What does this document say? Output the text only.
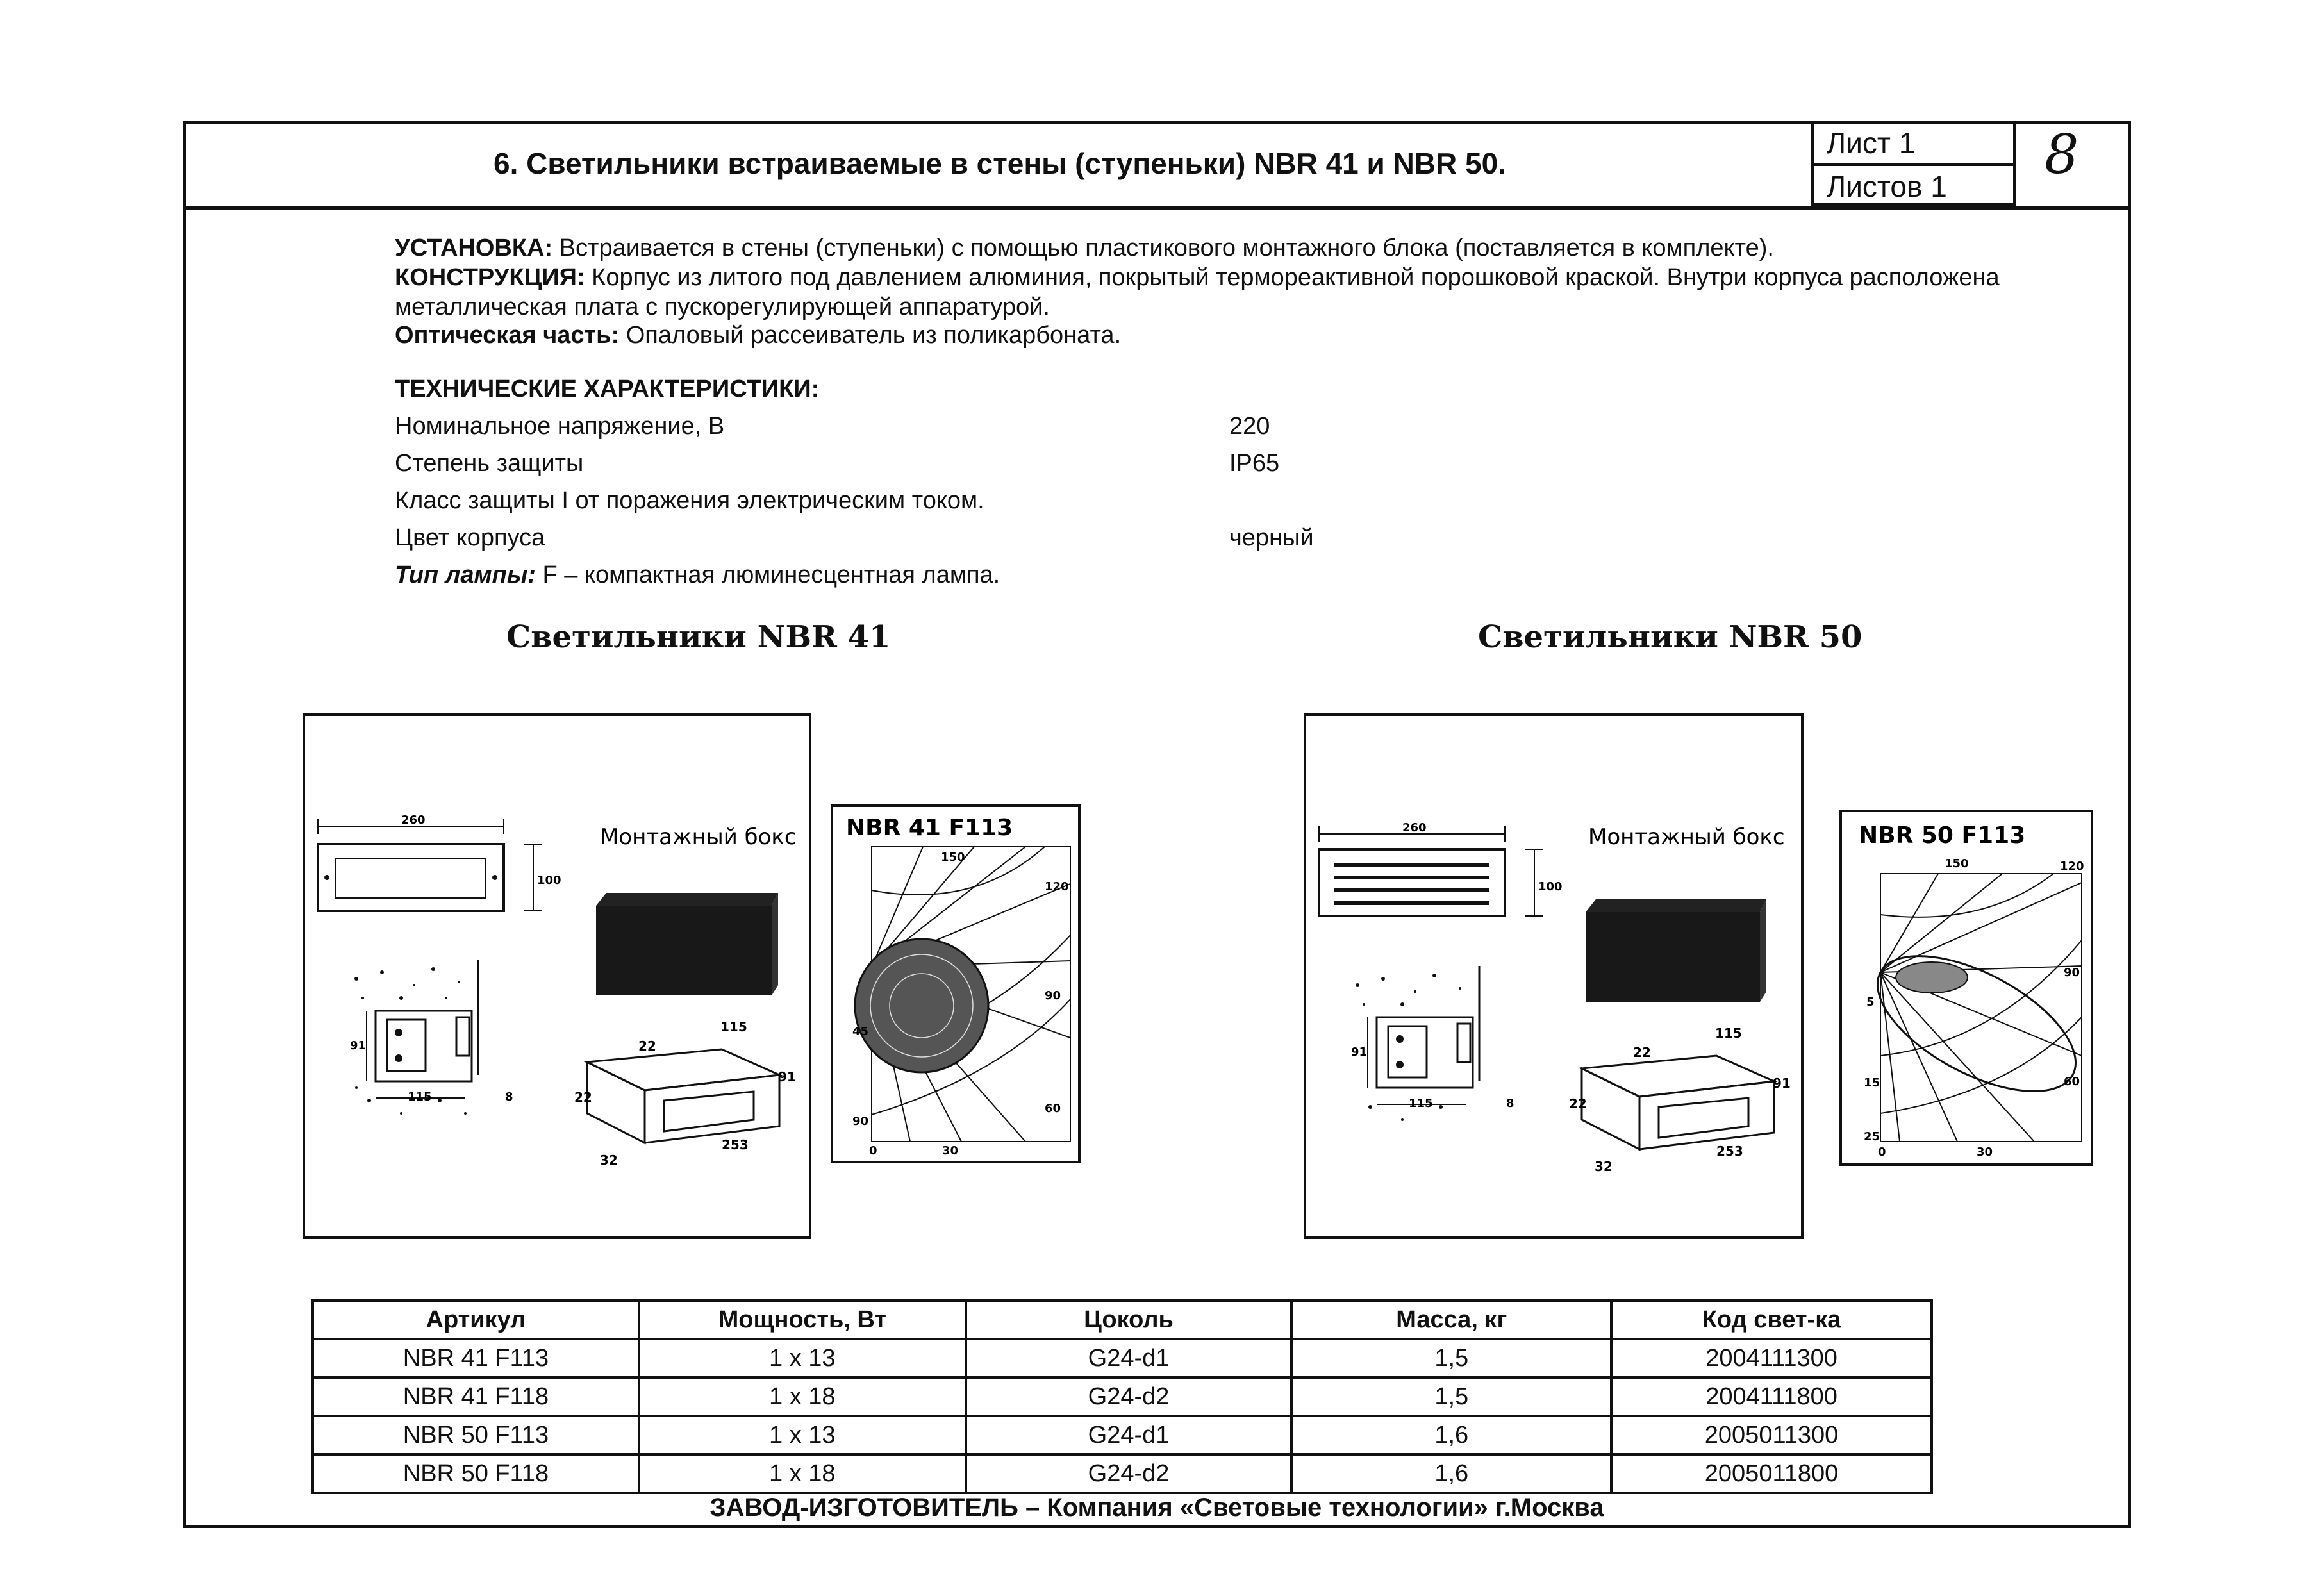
6. Светильники встраиваемые в стены (ступеньки) NBR 41 и NBR 50.
Лист 1
Листов 1
8
УСТАНОВКА: Встраивается в стены (ступеньки) с помощью пластикового монтажного блока (поставляется в комплекте).
КОНСТРУКЦИЯ: Корпус из литого под давлением алюминия, покрытый термореактивной порошковой краской. Внутри корпуса расположена металлическая плата с пускорегулирующей аппаратурой.
Оптическая часть: Опаловый рассеиватель из поликарбоната.
ТЕХНИЧЕСКИЕ ХАРАКТЕРИСТИКИ:
Номинальное напряжение, В	220
Степень защиты	IP65
Класс защиты I от поражения электрическим током.
Цвет корпуса	черный
Тип лампы: F – компактная люминесцентная лампа.
Светильники NBR 41	Светильники NBR 50
260
100
91
115	8
Монтажный бокс
115
22
22
91
253
32
NBR 41 F113
150
120
90
60
45
90
0	30
260
100
91
115	8
Монтажный бокс
115
22
22
91
253
32
NBR 50 F113
150	120
90
60
5
15
25
0	30
Артикул	Мощность, Вт	Цоколь	Масса, кг	Код свет-ка
NBR 41 F113	1 x 13	G24-d1	1,5	2004111300
NBR 41 F118	1 x 18	G24-d2	1,5	2004111800
NBR 50 F113	1 x 13	G24-d1	1,6	2005011300
NBR 50 F118	1 x 18	G24-d2	1,6	2005011800
ЗАВОД-ИЗГОТОВИТЕЛЬ – Компания «Световые технологии» г.Москва
